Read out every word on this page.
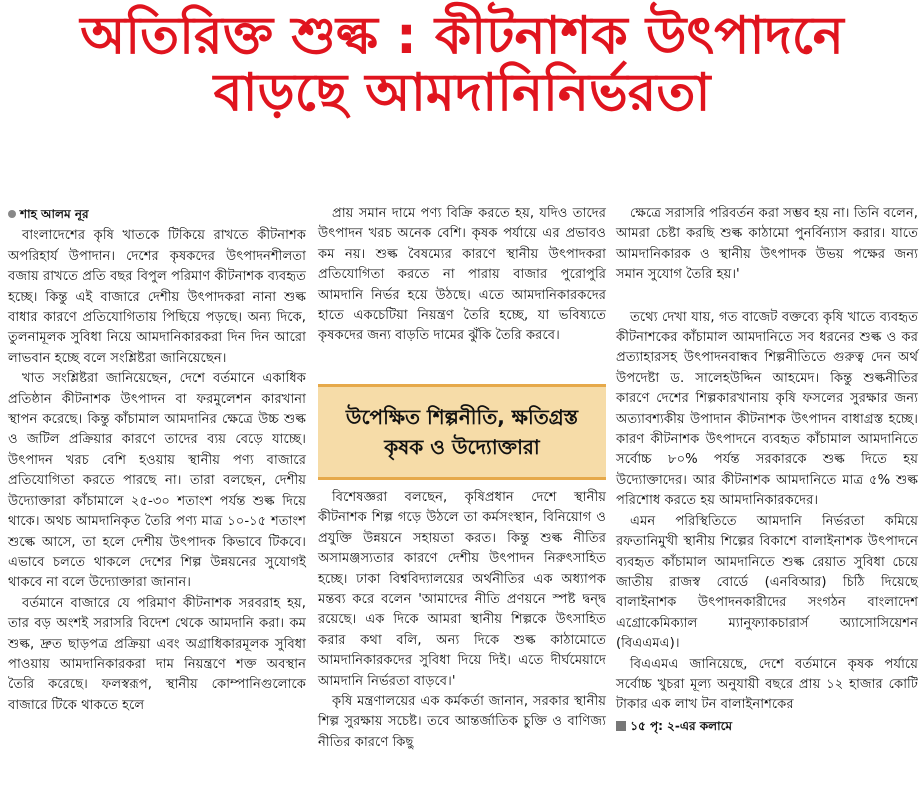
অতিরিক্ত শুল্ক : কীটনাশক উৎপাদনে
বাড়ছে আমদানিনির্ভরতা
শাহ আলম নূর

বাংলাদেশের কৃষি খাতকে টিকিয়ে রাখতে কীটনাশক অপরিহার্য উপাদান। দেশের কৃষকদের উৎপাদনশীলতা বজায় রাখতে প্রতি বছর বিপুল পরিমাণ কীটনাশক ব্যবহৃত হচ্ছে। কিন্তু এই বাজারে দেশীয় উৎপাদকরা নানা শুল্ক বাধার কারণে প্রতিযোগিতায় পিছিয়ে পড়ছে। অন্য দিকে, তুলনামূলক সুবিধা নিয়ে আমদানিকারকরা দিন দিন আরো লাভবান হচ্ছে বলে সংশ্লিষ্টরা জানিয়েছেন।

খাত সংশ্লিষ্টরা জানিয়েছেন, দেশে বর্তমানে একাধিক প্রতিষ্ঠান কীটনাশক উৎপাদন বা ফরমুলেশন কারখানা স্থাপন করেছে। কিন্তু কাঁচামাল আমদানির ক্ষেত্রে উচ্চ শুল্ক ও জটিল প্রক্রিয়ার কারণে তাদের ব্যয় বেড়ে যাচ্ছে। উৎপাদন খরচ বেশি হওয়ায় স্থানীয় পণ্য বাজারে প্রতিযোগিতা করতে পারছে না। তারা বলছেন, দেশীয় উদ্যোক্তারা কাঁচামালে ২৫-৩০ শতাংশ পর্যন্ত শুল্ক দিয়ে থাকে। অথচ আমদানিকৃত তৈরি পণ্য মাত্র ১০-১৫ শতাংশ শুল্কে আসে, তা হলে দেশীয় উৎপাদক কিভাবে টিকবে। এভাবে চলতে থাকলে দেশের শিল্প উন্নয়নের সুযোগই থাকবে না বলে উদ্যোক্তারা জানান।

বর্তমানে বাজারে যে পরিমাণ কীটনাশক সরবরাহ হয়, তার বড় অংশই সরাসরি বিদেশ থেকে আমদানি করা। কম শুল্ক, দ্রুত ছাড়পত্র প্রক্রিয়া এবং অগ্রাধিকারমূলক সুবিধা পাওয়ায় আমদানিকারকরা দাম নিয়ন্ত্রণে শক্ত অবস্থান তৈরি করেছে। ফলস্বরূপ, স্থানীয় কোম্পানিগুলোকে বাজারে টিকে থাকতে হলে

প্রায় সমান দামে পণ্য বিক্রি করতে হয়, যদিও তাদের উৎপাদন খরচ অনেক বেশি। কৃষক পর্যায়ে এর প্রভাবও কম নয়। শুল্ক বৈষম্যের কারণে স্থানীয় উৎপাদকরা প্রতিযোগিতা করতে না পারায় বাজার পুরোপুরি আমদানি নির্ভর হয়ে উঠছে। এতে আমদানিকারকদের হাতে একচেটিয়া নিয়ন্ত্রণ তৈরি হচ্ছে, যা ভবিষ্যতে কৃষকদের জন্য বাড়তি দামের ঝুঁকি তৈরি করবে।

উপেক্ষিত শিল্পনীতি, ক্ষতিগ্রস্ত কৃষক ও উদ্যোক্তারা

বিশেষজ্ঞরা বলছেন, কৃষিপ্রধান দেশে স্থানীয় কীটনাশক শিল্প গড়ে উঠলে তা কর্মসংস্থান, বিনিয়োগ ও প্রযুক্তি উন্নয়নে সহায়তা করত। কিন্তু শুল্ক নীতির অসামঞ্জস্যতার কারণে দেশীয় উৎপাদন নিরুৎসাহিত হচ্ছে। ঢাকা বিশ্ববিদ্যালয়ের অর্থনীতির এক অধ্যাপক মন্তব্য করে বলেন 'আমাদের নীতি প্রণয়নে স্পষ্ট দ্বন্দ্ব রয়েছে। এক দিকে আমরা স্থানীয় শিল্পকে উৎসাহিত করার কথা বলি, অন্য দিকে শুল্ক কাঠামোতে আমদানিকারকদের সুবিধা দিয়ে দিই। এতে দীর্ঘমেয়াদে আমদানি নির্ভরতা বাড়বে।'

কৃষি মন্ত্রণালয়ের এক কর্মকর্তা জানান, সরকার স্থানীয় শিল্প সুরক্ষায় সচেষ্ট। তবে আন্তর্জাতিক চুক্তি ও বাণিজ্য নীতির কারণে কিছু

ক্ষেত্রে সরাসরি পরিবর্তন করা সম্ভব হয় না। তিনি বলেন, আমরা চেষ্টা করছি শুল্ক কাঠামো পুনর্বিন্যাস করার। যাতে আমদানিকারক ও স্থানীয় উৎপাদক উভয় পক্ষের জন্য সমান সুযোগ তৈরি হয়।'

তথ্যে দেখা যায়, গত বাজেট বক্তব্যে কৃষি খাতে ব্যবহৃত কীটনাশকের কাঁচামাল আমদানিতে সব ধরনের শুল্ক ও কর প্রত্যাহারসহ উৎপাদনবান্ধব শিল্পনীতিতে গুরুত্ব দেন অর্থ উপদেষ্টা ড. সালেহউদ্দিন আহমেদ। কিন্তু শুল্কনীতির কারণে দেশের শিল্পকারখানায় কৃষি ফসলের সুরক্ষার জন্য অত্যাবশ্যকীয় উপাদান কীটনাশক উৎপাদন বাধাগ্রস্ত হচ্ছে। কারণ কীটনাশক উৎপাদনে ব্যবহৃত কাঁচামাল আমদানিতে সর্বোচ্চ ৮০% পর্যন্ত সরকারকে শুল্ক দিতে হয় উদ্যোক্তাদের। আর কীটনাশক আমদানিতে মাত্র ৫% শুল্ক পরিশোধ করতে হয় আমদানিকারকদের।

এমন পরিস্থিতিতে আমদানি নির্ভরতা কমিয়ে রফতানিমুখী স্থানীয় শিল্পের বিকাশে বালাইনাশক উৎপাদনে ব্যবহৃত কাঁচামাল আমদানিতে শুল্ক রেয়াত সুবিধা চেয়ে জাতীয় রাজস্ব বোর্ডে (এনবিআর) চিঠি দিয়েছে বালাইনাশক উৎপাদনকারীদের সংগঠন বাংলাদেশ এগ্রোকেমিক্যাল ম্যানুফ্যাকচারার্স অ্যাসোসিয়েশন (বিএএমএ)।

বিএএমএ জানিয়েছে, দেশে বর্তমানে কৃষক পর্যায়ে সর্বোচ্চ খুচরা মূল্য অনুযায়ী বছরে প্রায় ১২ হাজার কোটি টাকার এক লাখ টন বালাইনাশকের

১৫ পৃ: ২-এর কলামে
